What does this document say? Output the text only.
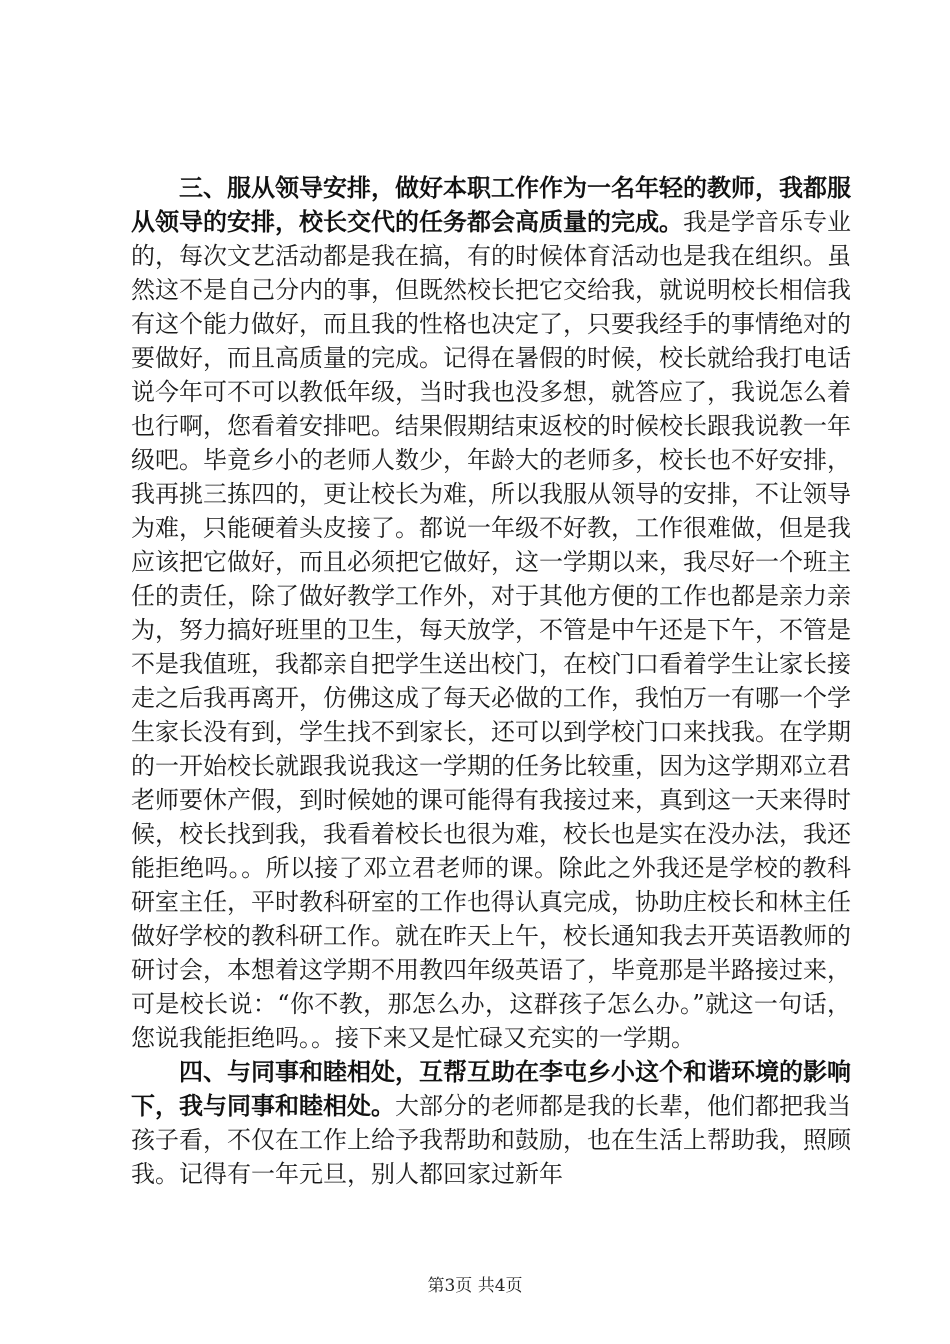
三、服从领导安排，做好本职工作作为一名年轻的教师，我都服从领导的安排，校长交代的任务都会高质量的完成。我是学音乐专业的，每次文艺活动都是我在搞，有的时候体育活动也是我在组织。虽然这不是自己分内的事，但既然校长把它交给我，就说明校长相信我有这个能力做好，而且我的性格也决定了，只要我经手的事情绝对的要做好，而且高质量的完成。记得在暑假的时候，校长就给我打电话说今年可不可以教低年级，当时我也没多想，就答应了，我说怎么着也行啊，您看着安排吧。结果假期结束返校的时候校长跟我说教一年级吧。毕竟乡小的老师人数少，年龄大的老师多，校长也不好安排，我再挑三拣四的，更让校长为难，所以我服从领导的安排，不让领导为难，只能硬着头皮接了。都说一年级不好教，工作很难做，但是我应该把它做好，而且必须把它做好，这一学期以来，我尽好一个班主任的责任，除了做好教学工作外，对于其他方便的工作也都是亲力亲为，努力搞好班里的卫生，每天放学，不管是中午还是下午，不管是不是我值班，我都亲自把学生送出校门，在校门口看着学生让家长接走之后我再离开，仿佛这成了每天必做的工作，我怕万一有哪一个学生家长没有到，学生找不到家长，还可以到学校门口来找我。在学期的一开始校长就跟我说我这一学期的任务比较重，因为这学期邓立君老师要休产假，到时候她的课可能得有我接过来，真到这一天来得时候，校长找到我，我看着校长也很为难，校长也是实在没办法，我还能拒绝吗。。所以接了邓立君老师的课。除此之外我还是学校的教科研室主任，平时教科研室的工作也得认真完成，协助庄校长和林主任做好学校的教科研工作。就在昨天上午，校长通知我去开英语教师的研讨会，本想着这学期不用教四年级英语了，毕竟那是半路接过来，可是校长说：“你不教，那怎么办，这群孩子怎么办。”就这一句话，您说我能拒绝吗。。接下来又是忙碌又充实的一学期。

四、与同事和睦相处，互帮互助在李屯乡小这个和谐环境的影响下，我与同事和睦相处。大部分的老师都是我的长辈，他们都把我当孩子看，不仅在工作上给予我帮助和鼓励，也在生活上帮助我，照顾我。记得有一年元旦，别人都回家过新年

第3页 共4页
